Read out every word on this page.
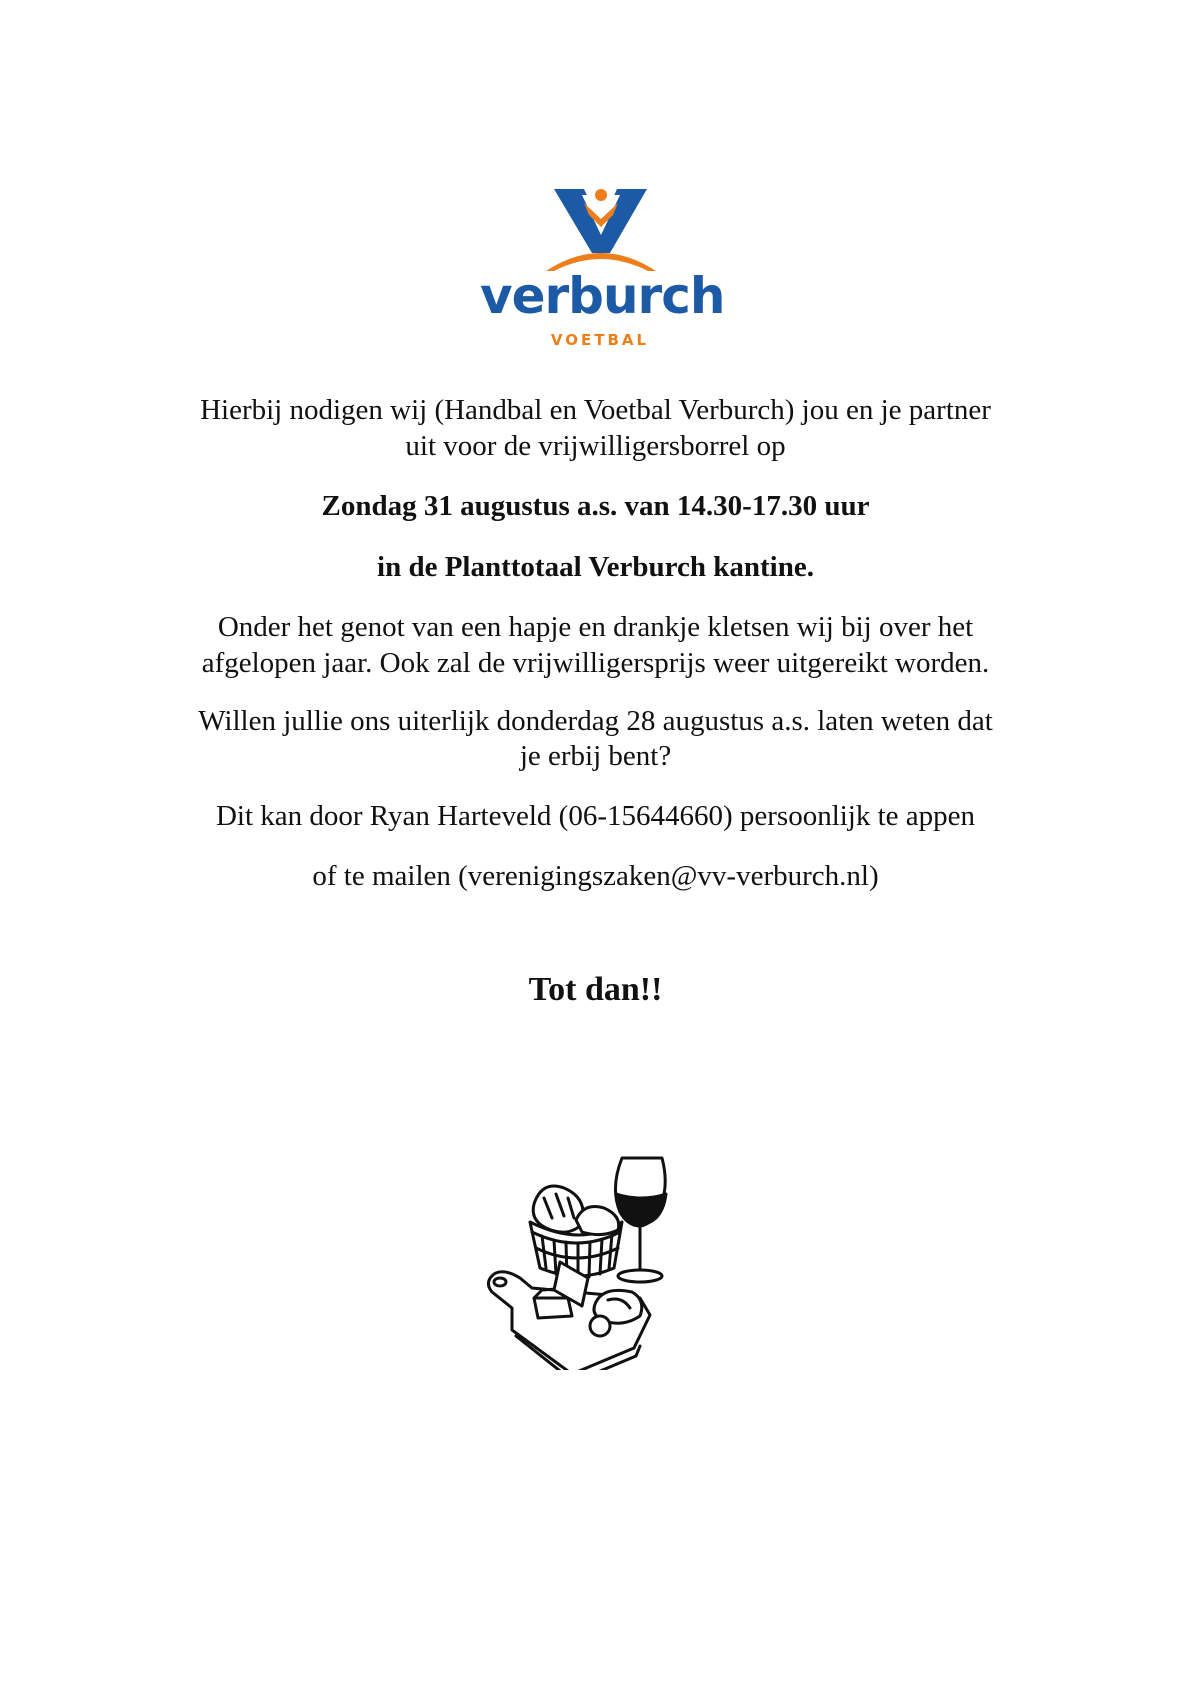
verburch
VOETBAL

Hierbij nodigen wij (Handbal en Voetbal Verburch) jou en je partner

uit voor de vrijwilligersborrel op

Zondag 31 augustus a.s. van 14.30-17.30 uur

in de Planttotaal Verburch kantine.

Onder het genot van een hapje en drankje kletsen wij bij over het

afgelopen jaar. Ook zal de vrijwilligersprijs weer uitgereikt worden.

Willen jullie ons uiterlijk donderdag 28 augustus a.s. laten weten dat

je erbij bent?

Dit kan door Ryan Harteveld (06-15644660) persoonlijk te appen

of te mailen (verenigingszaken@vv-verburch.nl)

Tot dan!!
